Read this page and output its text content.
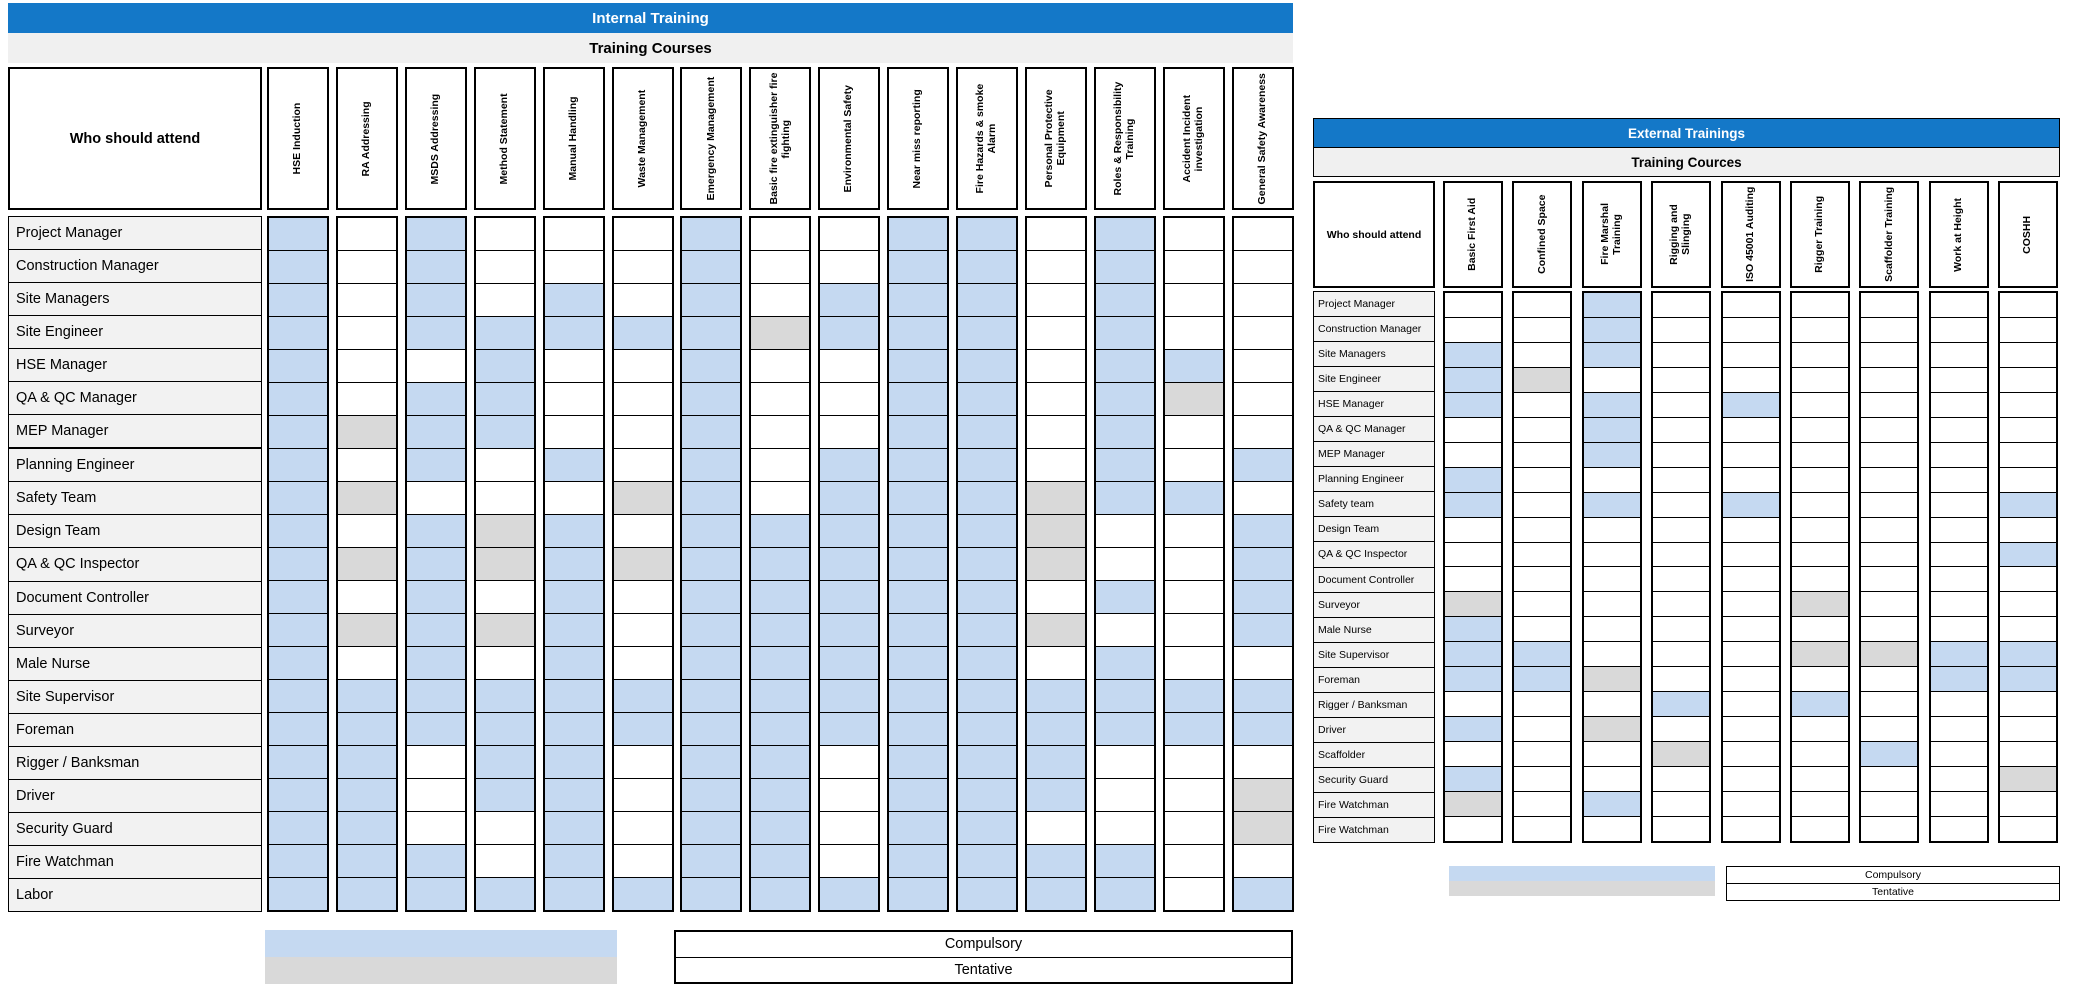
Internal Training
Training Courses
Who should attend	HSE Induction	RA Addressing	MSDS Addressing	Method Statement	Manual Handling	Waste Management	Emergency Management	Basic fire extinguisher fire fighting	Environmental Safety	Near miss reporting	Fire Hazards & smoke Alarm	Personal Protective Equipment	Roles & Responsibility Training	Accident Incident investigation	General Safety Awareness
Project Manager
Construction Manager
Site Managers
Site Engineer
HSE Manager
QA & QC Manager
MEP Manager
Planning Engineer
Safety Team
Design Team
QA & QC Inspector
Document Controller
Surveyor
Male Nurse
Site Supervisor
Foreman
Rigger / Banksman
Driver
Security Guard
Fire Watchman
Labor
Compulsory
Tentative
External Trainings
Training Cources
Who should attend	Basic First Aid	Confined Space	Fire Marshal Training	Rigging and Slinging	ISO 45001 Auditing	Rigger Training	Scaffolder Training	Work at Height	COSHH
Project Manager
Construction Manager
Site Managers
Site Engineer
HSE Manager
QA & QC Manager
MEP Manager
Planning Engineer
Safety team
Design Team
QA & QC Inspector
Document Controller
Surveyor
Male Nurse
Site Supervisor
Foreman
Rigger / Banksman
Driver
Scaffolder
Security Guard
Fire Watchman
Fire Watchman
Compulsory
Tentative
